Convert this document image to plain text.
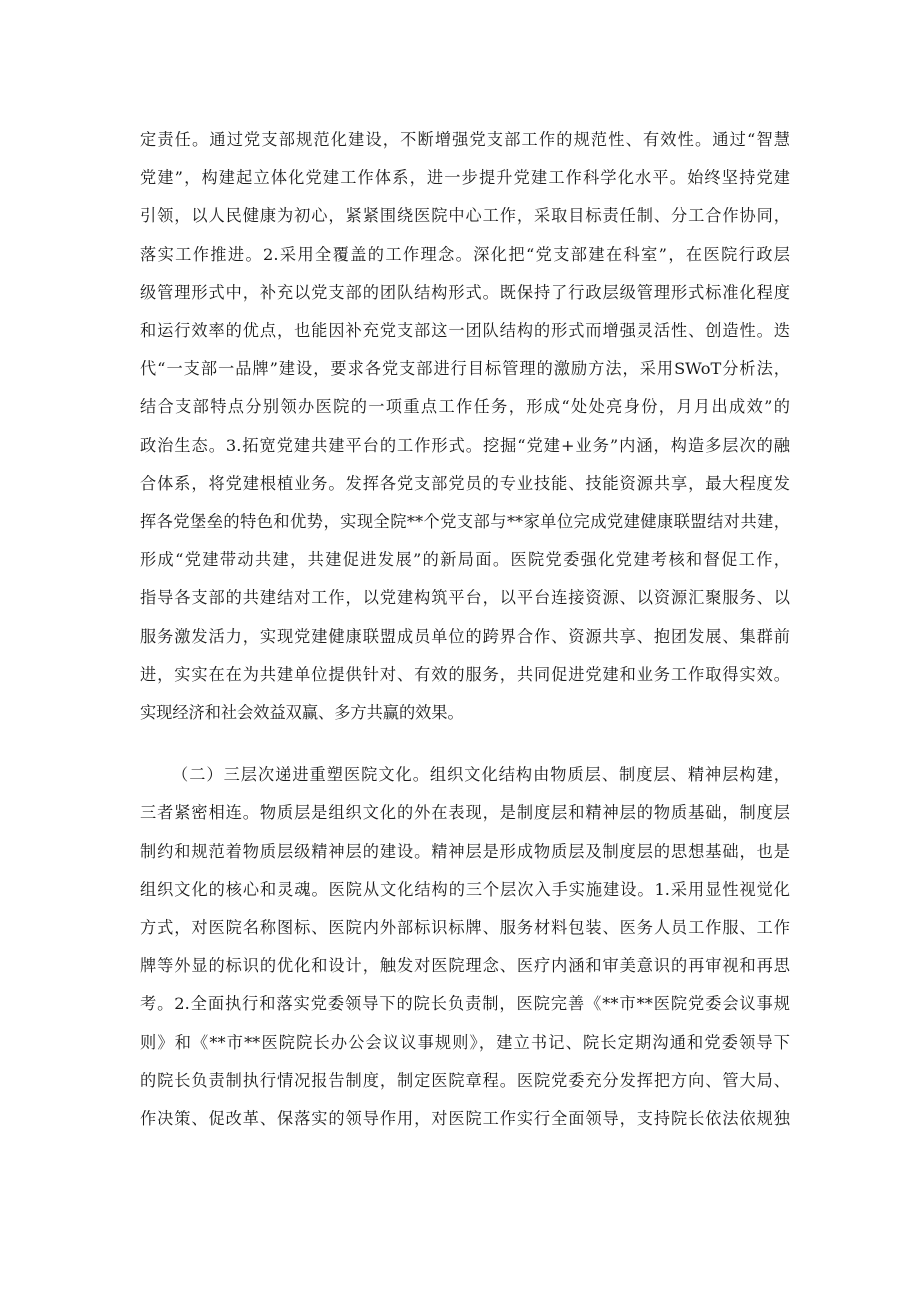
定责任。通过党支部规范化建设，不断增强党支部工作的规范性、有效性。通过“智慧
党建”，构建起立体化党建工作体系，进一步提升党建工作科学化水平。始终坚持党建
引领，以人民健康为初心，紧紧围绕医院中心工作，采取目标责任制、分工合作协同，
落实工作推进。2.采用全覆盖的工作理念。深化把“党支部建在科室”，在医院行政层
级管理形式中，补充以党支部的团队结构形式。既保持了行政层级管理形式标准化程度
和运行效率的优点，也能因补充党支部这一团队结构的形式而增强灵活性、创造性。迭
代“一支部一品牌”建设，要求各党支部进行目标管理的激励方法，采用SWoT分析法，
结合支部特点分别领办医院的一项重点工作任务，形成“处处亮身份，月月出成效”的
政治生态。3.拓宽党建共建平台的工作形式。挖掘“党建+业务”内涵，构造多层次的融
合体系，将党建根植业务。发挥各党支部党员的专业技能、技能资源共享，最大程度发
挥各党堡垒的特色和优势，实现全院**个党支部与**家单位完成党建健康联盟结对共建，
形成“党建带动共建，共建促进发展”的新局面。医院党委强化党建考核和督促工作，
指导各支部的共建结对工作，以党建构筑平台，以平台连接资源、以资源汇聚服务、以
服务激发活力，实现党建健康联盟成员单位的跨界合作、资源共享、抱团发展、集群前
进，实实在在为共建单位提供针对、有效的服务，共同促进党建和业务工作取得实效。
实现经济和社会效益双赢、多方共赢的效果。
（二）三层次递进重塑医院文化。组织文化结构由物质层、制度层、精神层构建，
三者紧密相连。物质层是组织文化的外在表现，是制度层和精神层的物质基础，制度层
制约和规范着物质层级精神层的建设。精神层是形成物质层及制度层的思想基础，也是
组织文化的核心和灵魂。医院从文化结构的三个层次入手实施建设。1.采用显性视觉化
方式，对医院名称图标、医院内外部标识标牌、服务材料包装、医务人员工作服、工作
牌等外显的标识的优化和设计，触发对医院理念、医疗内涵和审美意识的再审视和再思
考。2.全面执行和落实党委领导下的院长负责制，医院完善《**市**医院党委会议事规
则》和《**市**医院院长办公会议议事规则》，建立书记、院长定期沟通和党委领导下
的院长负责制执行情况报告制度，制定医院章程。医院党委充分发挥把方向、管大局、
作决策、促改革、保落实的领导作用，对医院工作实行全面领导，支持院长依法依规独
